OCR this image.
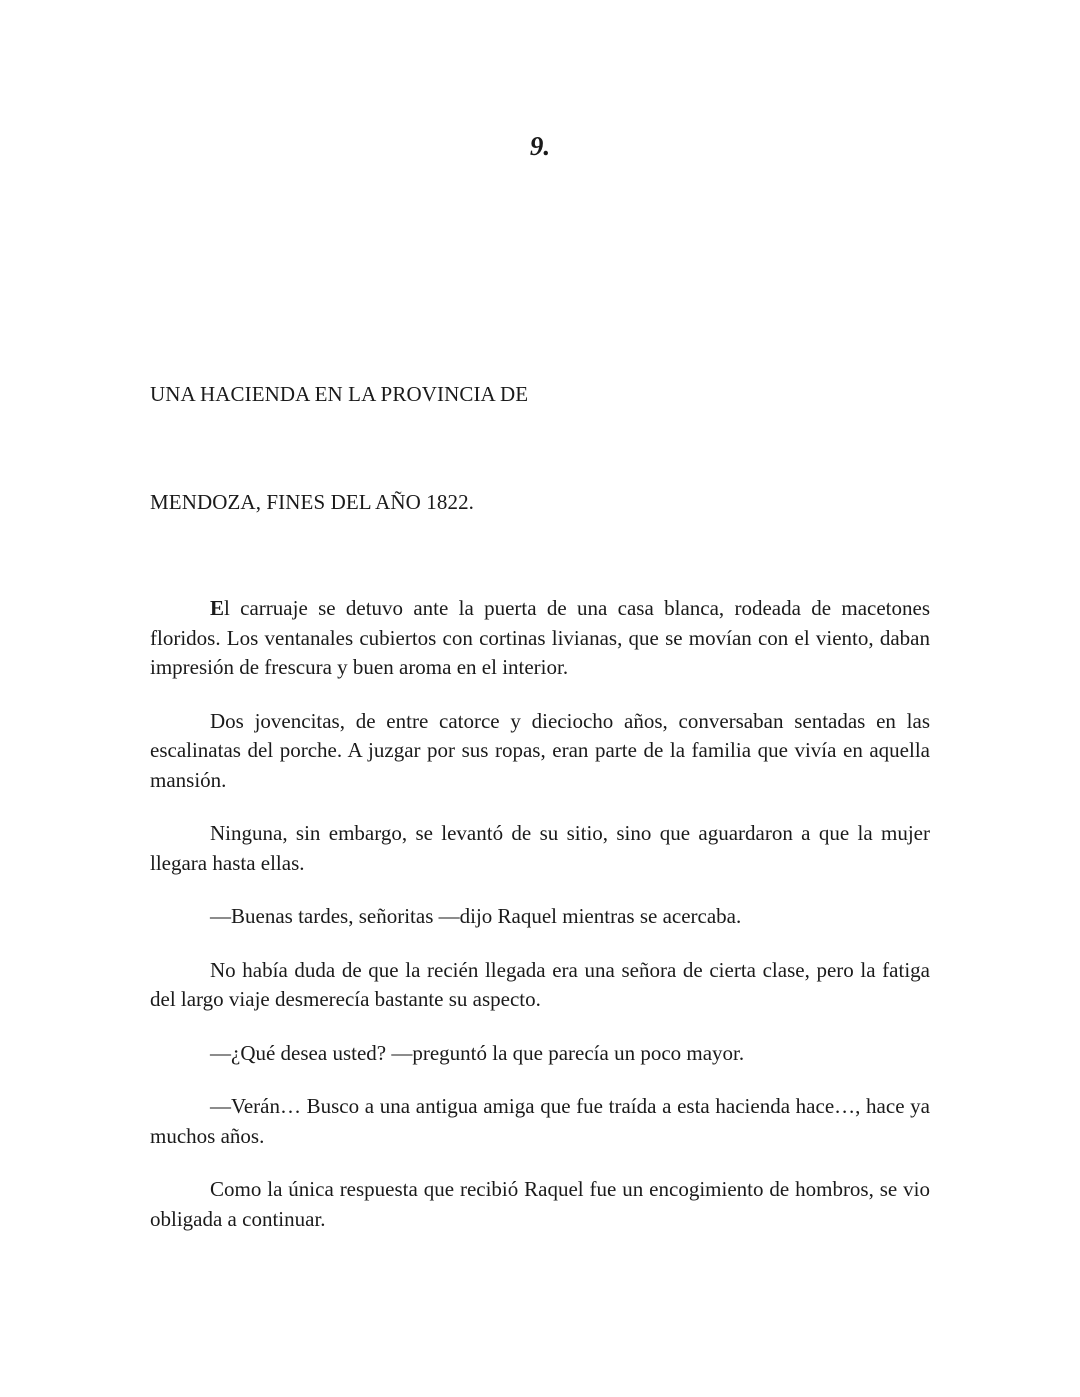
9.

UNA HACIENDA EN LA PROVINCIA DE

MENDOZA, FINES DEL AÑO 1822.

El carruaje se detuvo ante la puerta de una casa blanca, rodeada de macetones floridos. Los ventanales cubiertos con cortinas livianas, que se movían con el viento, daban impresión de frescura y buen aroma en el interior.

Dos jovencitas, de entre catorce y dieciocho años, conversaban sentadas en las escalinatas del porche. A juzgar por sus ropas, eran parte de la familia que vivía en aquella mansión.

Ninguna, sin embargo, se levantó de su sitio, sino que aguardaron a que la mujer llegara hasta ellas.

—Buenas tardes, señoritas —dijo Raquel mientras se acercaba.

No había duda de que la recién llegada era una señora de cierta clase, pero la fatiga del largo viaje desmerecía bastante su aspecto.

—¿Qué desea usted? —preguntó la que parecía un poco mayor.

—Verán… Busco a una antigua amiga que fue traída a esta hacienda hace…, hace ya muchos años.

Como la única respuesta que recibió Raquel fue un encogimiento de hombros, se vio obligada a continuar.
